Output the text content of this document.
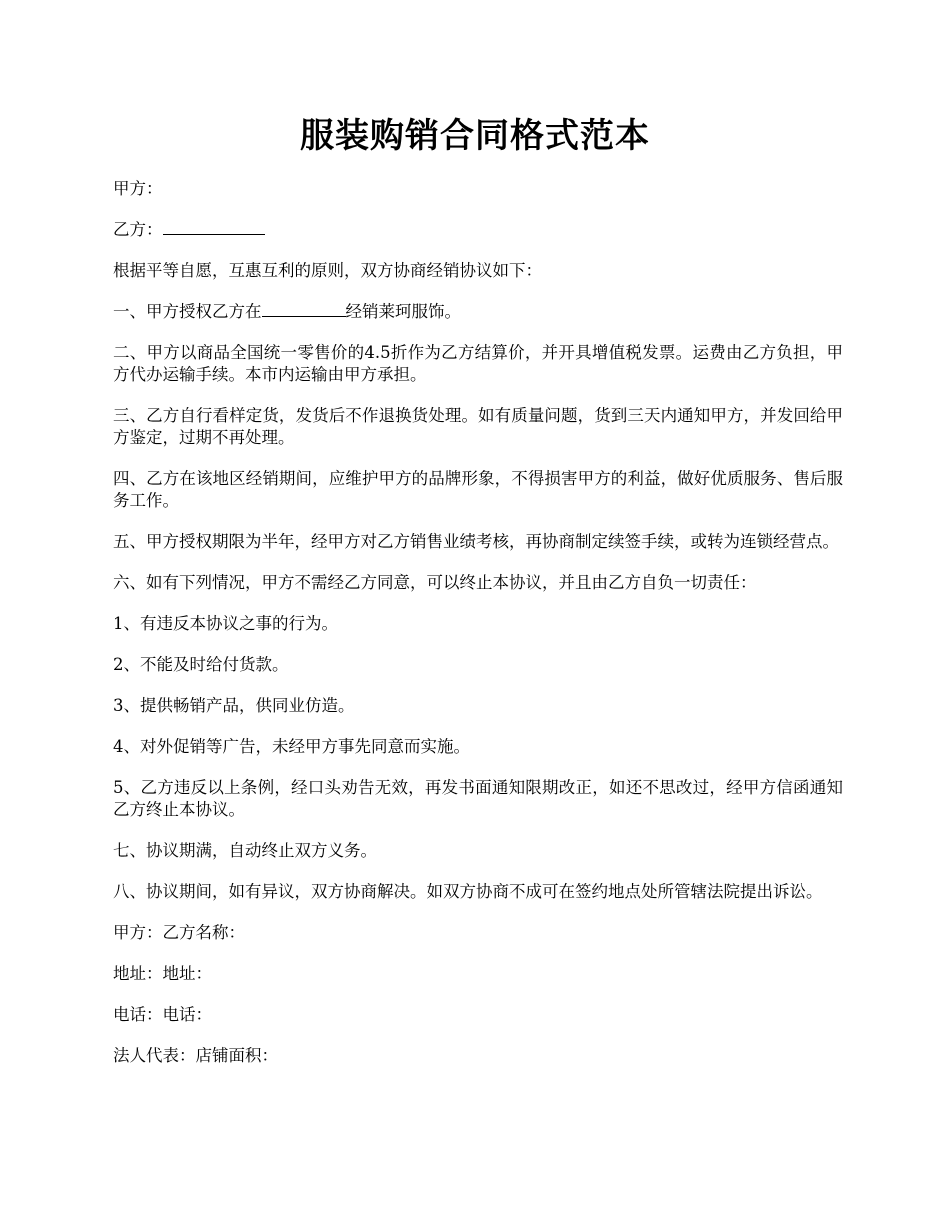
服装购销合同格式范本

甲方：

乙方：

根据平等自愿，互惠互利的原则，双方协商经销协议如下：

一、甲方授权乙方在	经销莱珂服饰。

二、甲方以商品全国统一零售价的4.5折作为乙方结算价，并开具增值税发票。运费由乙方负担，甲方代办运输手续。本市内运输由甲方承担。

三、乙方自行看样定货，发货后不作退换货处理。如有质量问题，货到三天内通知甲方，并发回给甲方鉴定，过期不再处理。

四、乙方在该地区经销期间，应维护甲方的品牌形象，不得损害甲方的利益，做好优质服务、售后服务工作。

五、甲方授权期限为半年，经甲方对乙方销售业绩考核，再协商制定续签手续，或转为连锁经营点。

六、如有下列情况，甲方不需经乙方同意，可以终止本协议，并且由乙方自负一切责任：

1、有违反本协议之事的行为。

2、不能及时给付货款。

3、提供畅销产品，供同业仿造。

4、对外促销等广告，未经甲方事先同意而实施。

5、乙方违反以上条例，经口头劝告无效，再发书面通知限期改正，如还不思改过，经甲方信函通知乙方终止本协议。

七、协议期满，自动终止双方义务。

八、协议期间，如有异议，双方协商解决。如双方协商不成可在签约地点处所管辖法院提出诉讼。

甲方：乙方名称：

地址：地址：

电话：电话：

法人代表：店铺面积：
